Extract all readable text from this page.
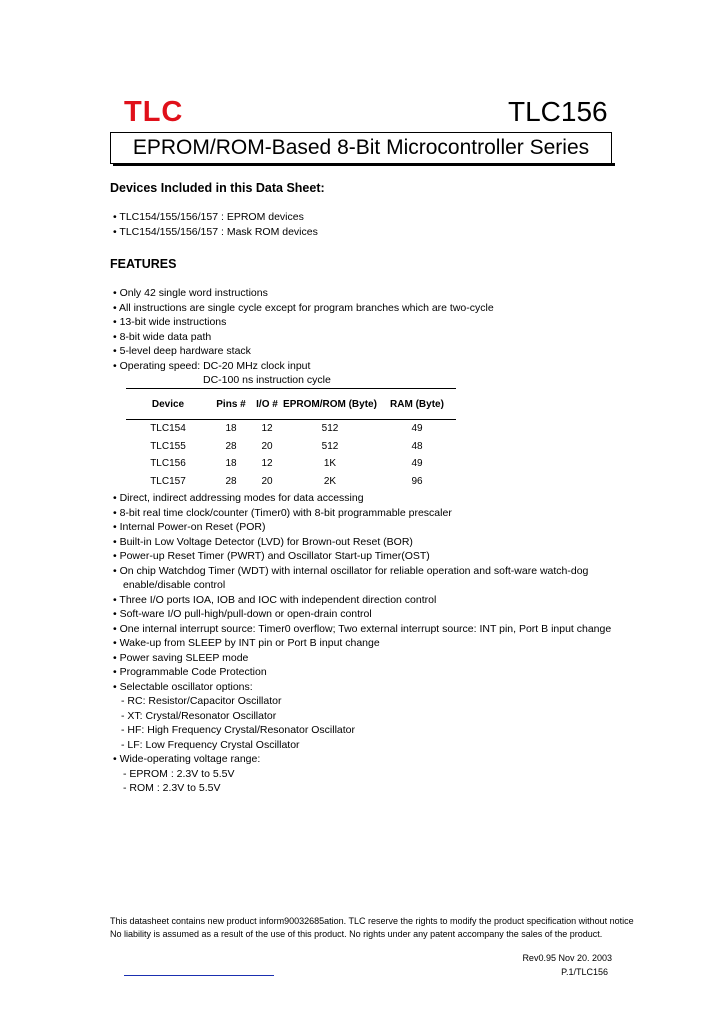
TLC	TLC156
EPROM/ROM-Based 8-Bit Microcontroller Series
Devices Included in this Data Sheet:
• TLC154/155/156/157 : EPROM devices
• TLC154/155/156/157 : Mask ROM devices
FEATURES
• Only 42 single word instructions
• All instructions are single cycle except for program branches which are two-cycle
• 13-bit wide instructions
• 8-bit wide data path
• 5-level deep hardware stack
• Operating speed: DC-20 MHz clock input
DC-100 ns instruction cycle
Device	Pins #	I/O #	EPROM/ROM (Byte)	RAM (Byte)
TLC154	18	12	512	49
TLC155	28	20	512	48
TLC156	18	12	1K	49
TLC157	28	20	2K	96
• Direct, indirect addressing modes for data accessing
• 8-bit real time clock/counter (Timer0) with 8-bit programmable prescaler
• Internal Power-on Reset (POR)
• Built-in Low Voltage Detector (LVD) for Brown-out Reset (BOR)
• Power-up Reset Timer (PWRT) and Oscillator Start-up Timer(OST)
• On chip Watchdog Timer (WDT) with internal oscillator for reliable operation and soft-ware watch-dog
enable/disable control
• Three I/O ports IOA, IOB and IOC with independent direction control
• Soft-ware I/O pull-high/pull-down or open-drain control
• One internal interrupt source: Timer0 overflow; Two external interrupt source: INT pin, Port B input change
• Wake-up from SLEEP by INT pin or Port B input change
• Power saving SLEEP mode
• Programmable Code Protection
• Selectable oscillator options:
- RC: Resistor/Capacitor Oscillator
- XT: Crystal/Resonator Oscillator
- HF: High Frequency Crystal/Resonator Oscillator
- LF: Low Frequency Crystal Oscillator
• Wide-operating voltage range:
- EPROM : 2.3V to 5.5V
- ROM : 2.3V to 5.5V
This datasheet contains new product inform90032685ation. TLC reserve the rights to modify the product specification without notice
No liability is assumed as a result of the use of this product. No rights under any patent accompany the sales of the product.
Rev0.95 Nov 20. 2003
P.1/TLC156
